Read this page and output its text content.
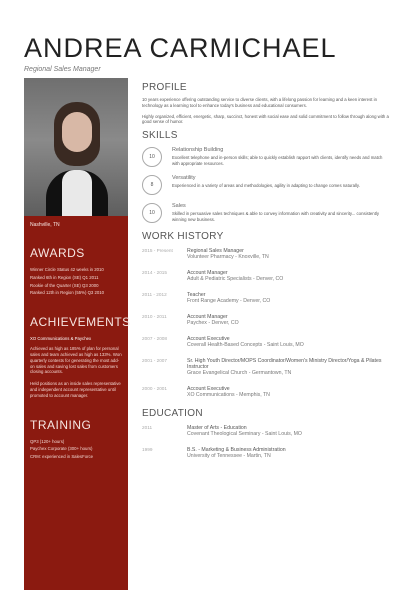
ANDREA CARMICHAEL
Regional Sales Manager
Nashville, TN
AWARDS
Winner Circle Status 42 weeks in 2010
Ranked 6th in Region (SE) Q1 2011
Rookie of the Quarter (SE) Q3 2000
Ranked 12th in Region (55%) Q3 2010
ACHIEVEMENTS
XO Communications & Paychex
Achieved as high as 185% of plan for personal sales and team achieved as high as 133%. Won quarterly contests for generating the most add-on sales and saving lost sales from customers closing accounts.
Held positions as an inside sales representative and independent account representative until promoted to account manager.
TRAINING
QP3 (120+ hours)
Paychex Corporate (300+ hours)
CRM: experienced in SalesForce
PROFILE
10 years experience offering outstanding service to diverse clients, with a lifelong passion for learning and a keen interest in technology as a learning tool to enhance today's business and educational consumers.
Highly organized, efficient, energetic, sharp, succinct, honest with social ease and solid commitment to follow through along with a good sense of humor.
SKILLS
10
Relationship Building
Excellent telephone and in-person skills; able to quickly establish rapport with clients, identify needs and match with appropriate resources.
8
Versatility
Experienced in a variety of areas and methodologies, agility in adapting to change comes naturally.
10
Sales
Skilled in persuasive sales techniques & able to convey information with creativity and sincerity... consistently winning new business.
WORK HISTORY
2015 - Present	Regional Sales Manager
Volunteer Pharmacy - Knoxville, TN
2014 - 2015	Account Manager
Adult & Pediatric Specialists - Denver, CO
2011 - 2012	Teacher
Front Range Academy - Denver, CO
2010 - 2011	Account Manager
Paychex - Denver, CO
2007 - 2008	Account Executive
Coverall Health-Based Concepts - Saint Louis, MO
2001 - 2007	Sr. High Youth Director/MOPS Coordinator/Women's Ministry Director/Yoga & Pilates Instructor
Grace Evangelical Church - Germantown, TN
2000 - 2001	Account Executive
XO Communications - Memphis, TN
EDUCATION
2011	Master of Arts - Education
Covenant Theological Seminary - Saint Louis, MO
1999	B.S. - Marketing & Business Administration
University of Tennessee - Martin, TN
